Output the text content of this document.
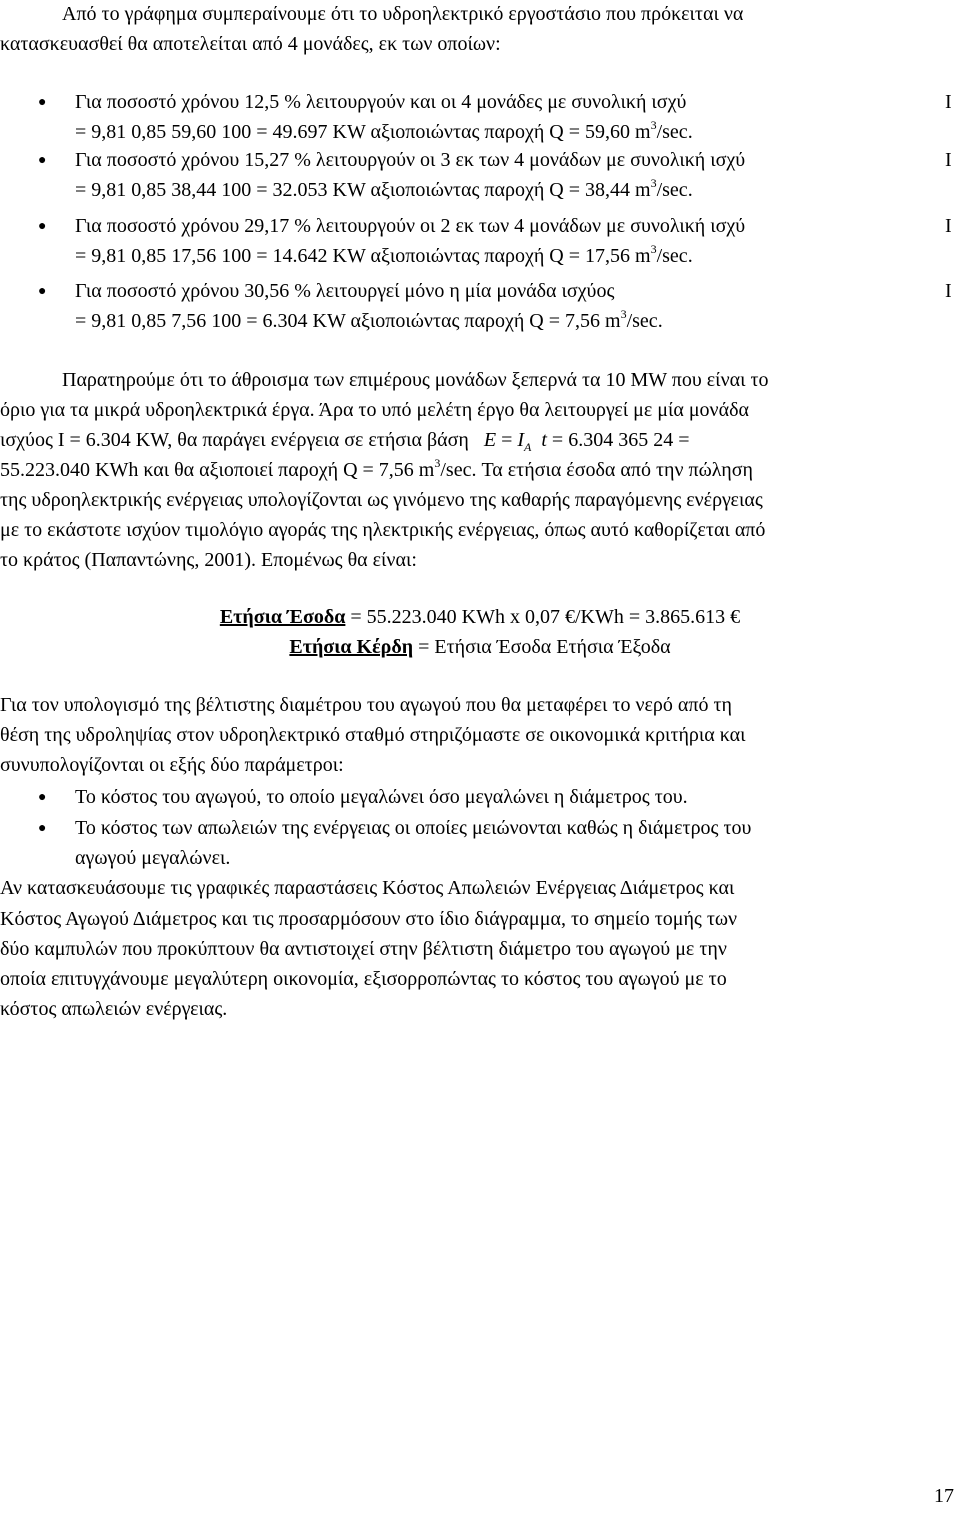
Από το γράφημα συμπεραίνουμε ότι το υδροηλεκτρικό εργοστάσιο που πρόκειται να
κατασκευασθεί θα αποτελείται από 4 μονάδες, εκ των οποίων:
● Για ποσοστό χρόνου 12,5 % λειτουργούν και οι 4 μονάδες με συνολική ισχύ	I
= 9,81 0,85 59,60 100 = 49.697 KW αξιοποιώντας παροχή Q = 59,60 $m^3/\sec$.
● Για ποσοστό χρόνου 15,27 % λειτουργούν οι 3 εκ των 4 μονάδων με συνολική ισχύ	I
= 9,81 0,85 38,44 100 = 32.053 KW αξιοποιώντας παροχή Q = 38,44 $m^3/\sec$.
● Για ποσοστό χρόνου 29,17 % λειτουργούν οι 2 εκ των 4 μονάδων με συνολική ισχύ	I
= 9,81 0,85 17,56 100 = 14.642 KW αξιοποιώντας παροχή Q = 17,56 $m^3/\sec$.
● Για ποσοστό χρόνου 30,56 % λειτουργεί μόνο η μία μονάδα ισχύος	I
= 9,81 0,85 7,56 100 = 6.304 KW αξιοποιώντας παροχή Q = 7,56 $m^3/\sec$.
Παρατηρούμε ότι το άθροισμα των επιμέρους μονάδων ξεπερνά τα 10 MW που είναι το
όριο για τα μικρά υδροηλεκτρικά έργα. Άρα το υπό μελέτη έργο θα λειτουργεί με μία μονάδα
ισχύος I = 6.304 KW, θα παράγει ενέργεια σε ετήσια βάση $E = I_A$ t = 6.304 365 24 =
55.223.040 KWh και θα αξιοποιεί παροχή Q = 7,56 $m^3/\sec$. Τα ετήσια έσοδα από την πώληση
της υδροηλεκτρικής ενέργειας υπολογίζονται ως γινόμενο της καθαρής παραγόμενης ενέργειας
με το εκάστοτε ισχύον τιμολόγιο αγοράς της ηλεκτρικής ενέργειας, όπως αυτό καθορίζεται από
το κράτος (Παπαντώνης, 2001). Επομένως θα είναι:
Ετήσια Έσοδα = 55.223.040 KWh x 0,07 €/KWh = 3.865.613 €
Ετήσια Κέρδη = Ετήσια Έσοδα Ετήσια Έξοδα
Για τον υπολογισμό της βέλτιστης διαμέτρου του αγωγού που θα μεταφέρει το νερό από τη
θέση της υδροληψίας στον υδροηλεκτρικό σταθμό στηριζόμαστε σε οικονομικά κριτήρια και
συνυπολογίζονται οι εξής δύο παράμετροι:
● Το κόστος του αγωγού, το οποίο μεγαλώνει όσο μεγαλώνει η διάμετρος του.
● Το κόστος των απωλειών της ενέργειας οι οποίες μειώνονται καθώς η διάμετρος του
αγωγού μεγαλώνει.
Αν κατασκευάσουμε τις γραφικές παραστάσεις Κόστος Απωλειών Ενέργειας Διάμετρος και
Κόστος Αγωγού Διάμετρος και τις προσαρμόσουν στο ίδιο διάγραμμα, το σημείο τομής των
δύο καμπυλών που προκύπτουν θα αντιστοιχεί στην βέλτιστη διάμετρο του αγωγού με την
οποία επιτυγχάνουμε μεγαλύτερη οικονομία, εξισορροπώντας το κόστος του αγωγού με το
κόστος απωλειών ενέργειας.
17
